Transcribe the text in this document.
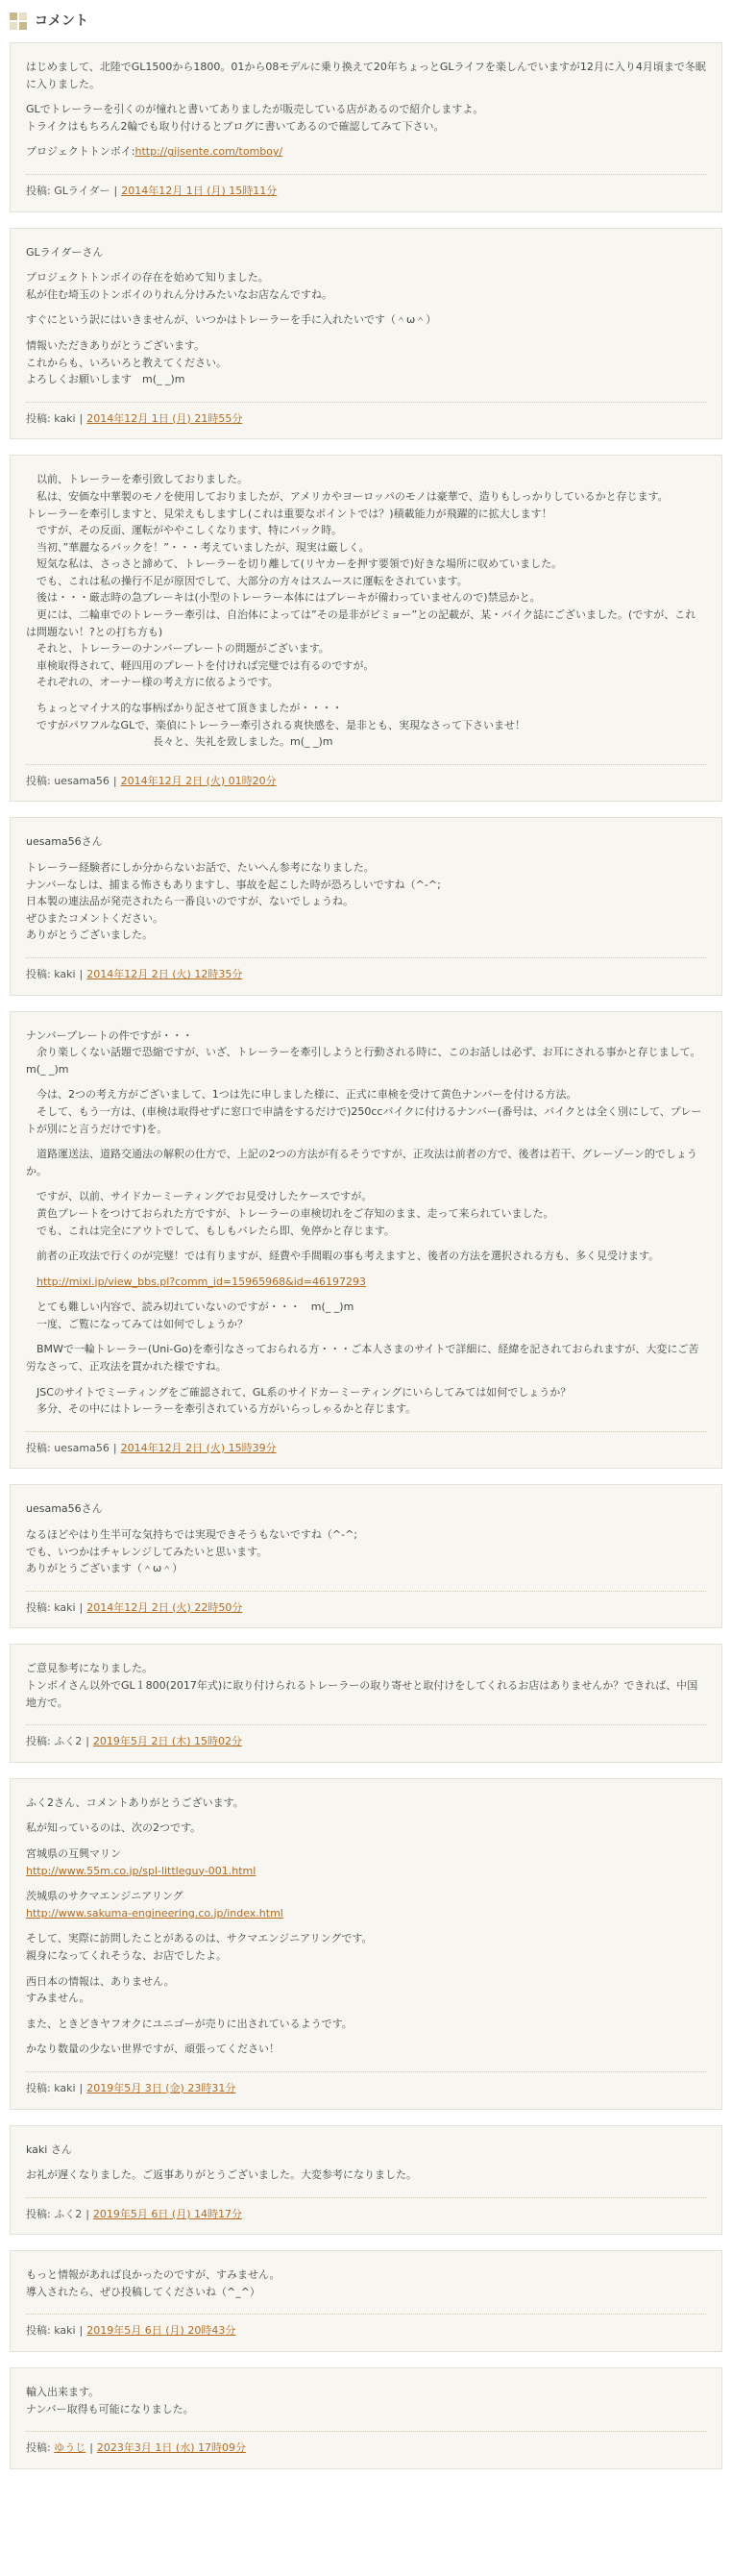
コメント

はじめまして、北陸でGL1500から1800。01から08モデルに乗り換えて20年ちょっとGLライフを楽しんでいますが12月に入り4月頃まで冬眠に入りました。

GLでトレーラーを引くのが憧れと書いてありましたが販売している店があるので紹介しますよ。
トライクはもちろん2輪でも取り付けるとブログに書いてあるので確認してみて下さい。

プロジェクトトンボイ:http://gijsente.com/tomboy/

投稿: GLライダー | 2014年12月 1日 (月) 15時11分

GLライダーさん

プロジェクトトンボイの存在を始めて知りました。
私が住む埼玉のトンボイのりれん分けみたいなお店なんですね。

すぐにという訳にはいきませんが、いつかはトレーラーを手に入れたいです（＾ω＾）

情報いただきありがとうございます。
これからも、いろいろと教えてください。
よろしくお願いします　m(_ _)m

投稿: kaki | 2014年12月 1日 (月) 21時55分

　以前、トレーラーを牽引致しておりました。
　私は、安価な中華製のモノを使用しておりましたが、アメリカやヨーロッパのモノは豪華で、造りもしっかりしているかと存じます。
トレーラーを牽引しますと、見栄えもしますし(これは重要なポイントでは？)積載能力が飛躍的に拡大します！
　ですが、その反面、運転がややこしくなります、特にバック時。
　当初、”華麗なるバックを！”・・・考えていましたが、現実は厳しく。
　短気な私は、さっさと諦めて、トレーラーを切り離して(リヤカーを押す要領で)好きな場所に収めていました。
　でも、これは私の操行不足が原因でして、大部分の方々はスムースに運転をされています。
　後は・・・厳志時の急ブレーキは(小型のトレーラー本体にはブレーキが備わっていませんので)禁忌かと。
　更には、二輪車でのトレーラー牽引は、自治体によっては”その是非がビミョー”との記載が、某・バイク誌にございました。(ですが、これは問題ない！?との打ち方も)
　それと、トレーラーのナンバープレートの問題がございます。
　車検取得されて、軽四用のプレートを付ければ完璧では有るのですが。
　それぞれの、オーナー様の考え方に依るようです。

　ちょっとマイナス的な事柄ばかり記させて頂きましたが・・・・
　ですがパワフルなGLで、楽偵にトレーラー牽引される爽快感を、是非とも、実現なさって下さいませ！
　　　　　　　　　　　　長々と、失礼を致しました。m(_ _)m

投稿: uesama56 | 2014年12月 2日 (火) 01時20分

uesama56さん

トレーラー経験者にしか分からないお話で、たいへん参考になりました。
ナンバーなしは、捕まる怖さもありますし、事故を起こした時が恐ろしいですね（^-^;
日本製の連法品が発売されたら一番良いのですが、ないでしょうね。
ぜひまたコメントください。
ありがとうございました。

投稿: kaki | 2014年12月 2日 (火) 12時35分

ナンバープレートの件ですが・・・
　余り楽しくない話題で恐縮ですが、いざ、トレーラーを牽引しようと行動される時に、このお話しは必ず、お耳にされる事かと存じまして。　m(_ _)m

　今は、2つの考え方がございまして、1つは先に申しました様に、正式に車検を受けて黄色ナンバーを付ける方法。
　そして、もう一方は、(車検は取得せずに窓口で申請をするだけで)250ccバイクに付けるナンバー(番号は、バイクとは全く別にして、プレートが別にと言うだけです)を。

　道路運送法、道路交通法の解釈の仕方で、上記の2つの方法が有るそうですが、正攻法は前者の方で、後者は若干、グレーゾーン的でしょうか。

　ですが、以前、サイドカーミーティングでお見受けしたケースですが。
　黄色プレートをつけておられた方ですが、トレーラーの車検切れをご存知のまま、走って来られていました。
　でも、これは完全にアウトでして、もしもバレたら即、免停かと存じます。

　前者の正攻法で行くのが完璧！では有りますが、経費や手間暇の事も考えますと、後者の方法を選択される方も、多く見受けます。

　http://mixi.jp/view_bbs.pl?comm_id=15965968&id=46197293

　とても難しい内容で、読み切れていないのですが・・・　m(_ _)m
　一度、ご覧になってみては如何でしょうか？

　BMWで一輪トレーラー(Uni-Go)を牽引なさっておられる方・・・ご本人さまのサイトで詳細に、経緯を記されておられますが、大変にご苦労なさって、正攻法を貫かれた様ですね。

　JSCのサイトでミーティングをご確認されて、GL系のサイドカーミーティングにいらしてみては如何でしょうか？
　多分、その中にはトレーラーを牽引されている方がいらっしゃるかと存じます。

投稿: uesama56 | 2014年12月 2日 (火) 15時39分

uesama56さん

なるほどやはり生半可な気持ちでは実現できそうもないですね（^-^;
でも、いつかはチャレンジしてみたいと思います。
ありがとうございます（＾ω＾）

投稿: kaki | 2014年12月 2日 (火) 22時50分

ご意見参考になりました。
トンボイさん以外でGL１800(2017年式)に取り付けられるトレーラーの取り寄せと取付けをしてくれるお店はありませんか？できれば、中国地方で。

投稿: ふく2 | 2019年5月 2日 (木) 15時02分

ふく2さん、コメントありがとうございます。

私が知っているのは、次の2つです。

宮城県の互興マリン
http://www.55m.co.jp/spl-littleguy-001.html

茨城県のサクマエンジニアリング
http://www.sakuma-engineering.co.jp/index.html

そして、実際に訪問したことがあるのは、サクマエンジニアリングです。
親身になってくれそうな、お店でしたよ。

西日本の情報は、ありません。
すみません。

また、ときどきヤフオクにユニゴーが売りに出されているようです。

かなり数量の少ない世界ですが、頑張ってください！

投稿: kaki | 2019年5月 3日 (金) 23時31分

kaki さん

お礼が遅くなりました。ご返事ありがとうございました。大変参考になりました。

投稿: ふく2 | 2019年5月 6日 (月) 14時17分

もっと情報があれば良かったのですが、すみません。
導入されたら、ぜひ投稿してくださいね（^_^）

投稿: kaki | 2019年5月 6日 (月) 20時43分

輸入出来ます。
ナンバー取得も可能になりました。

投稿: ゆうじ | 2023年3月 1日 (水) 17時09分
